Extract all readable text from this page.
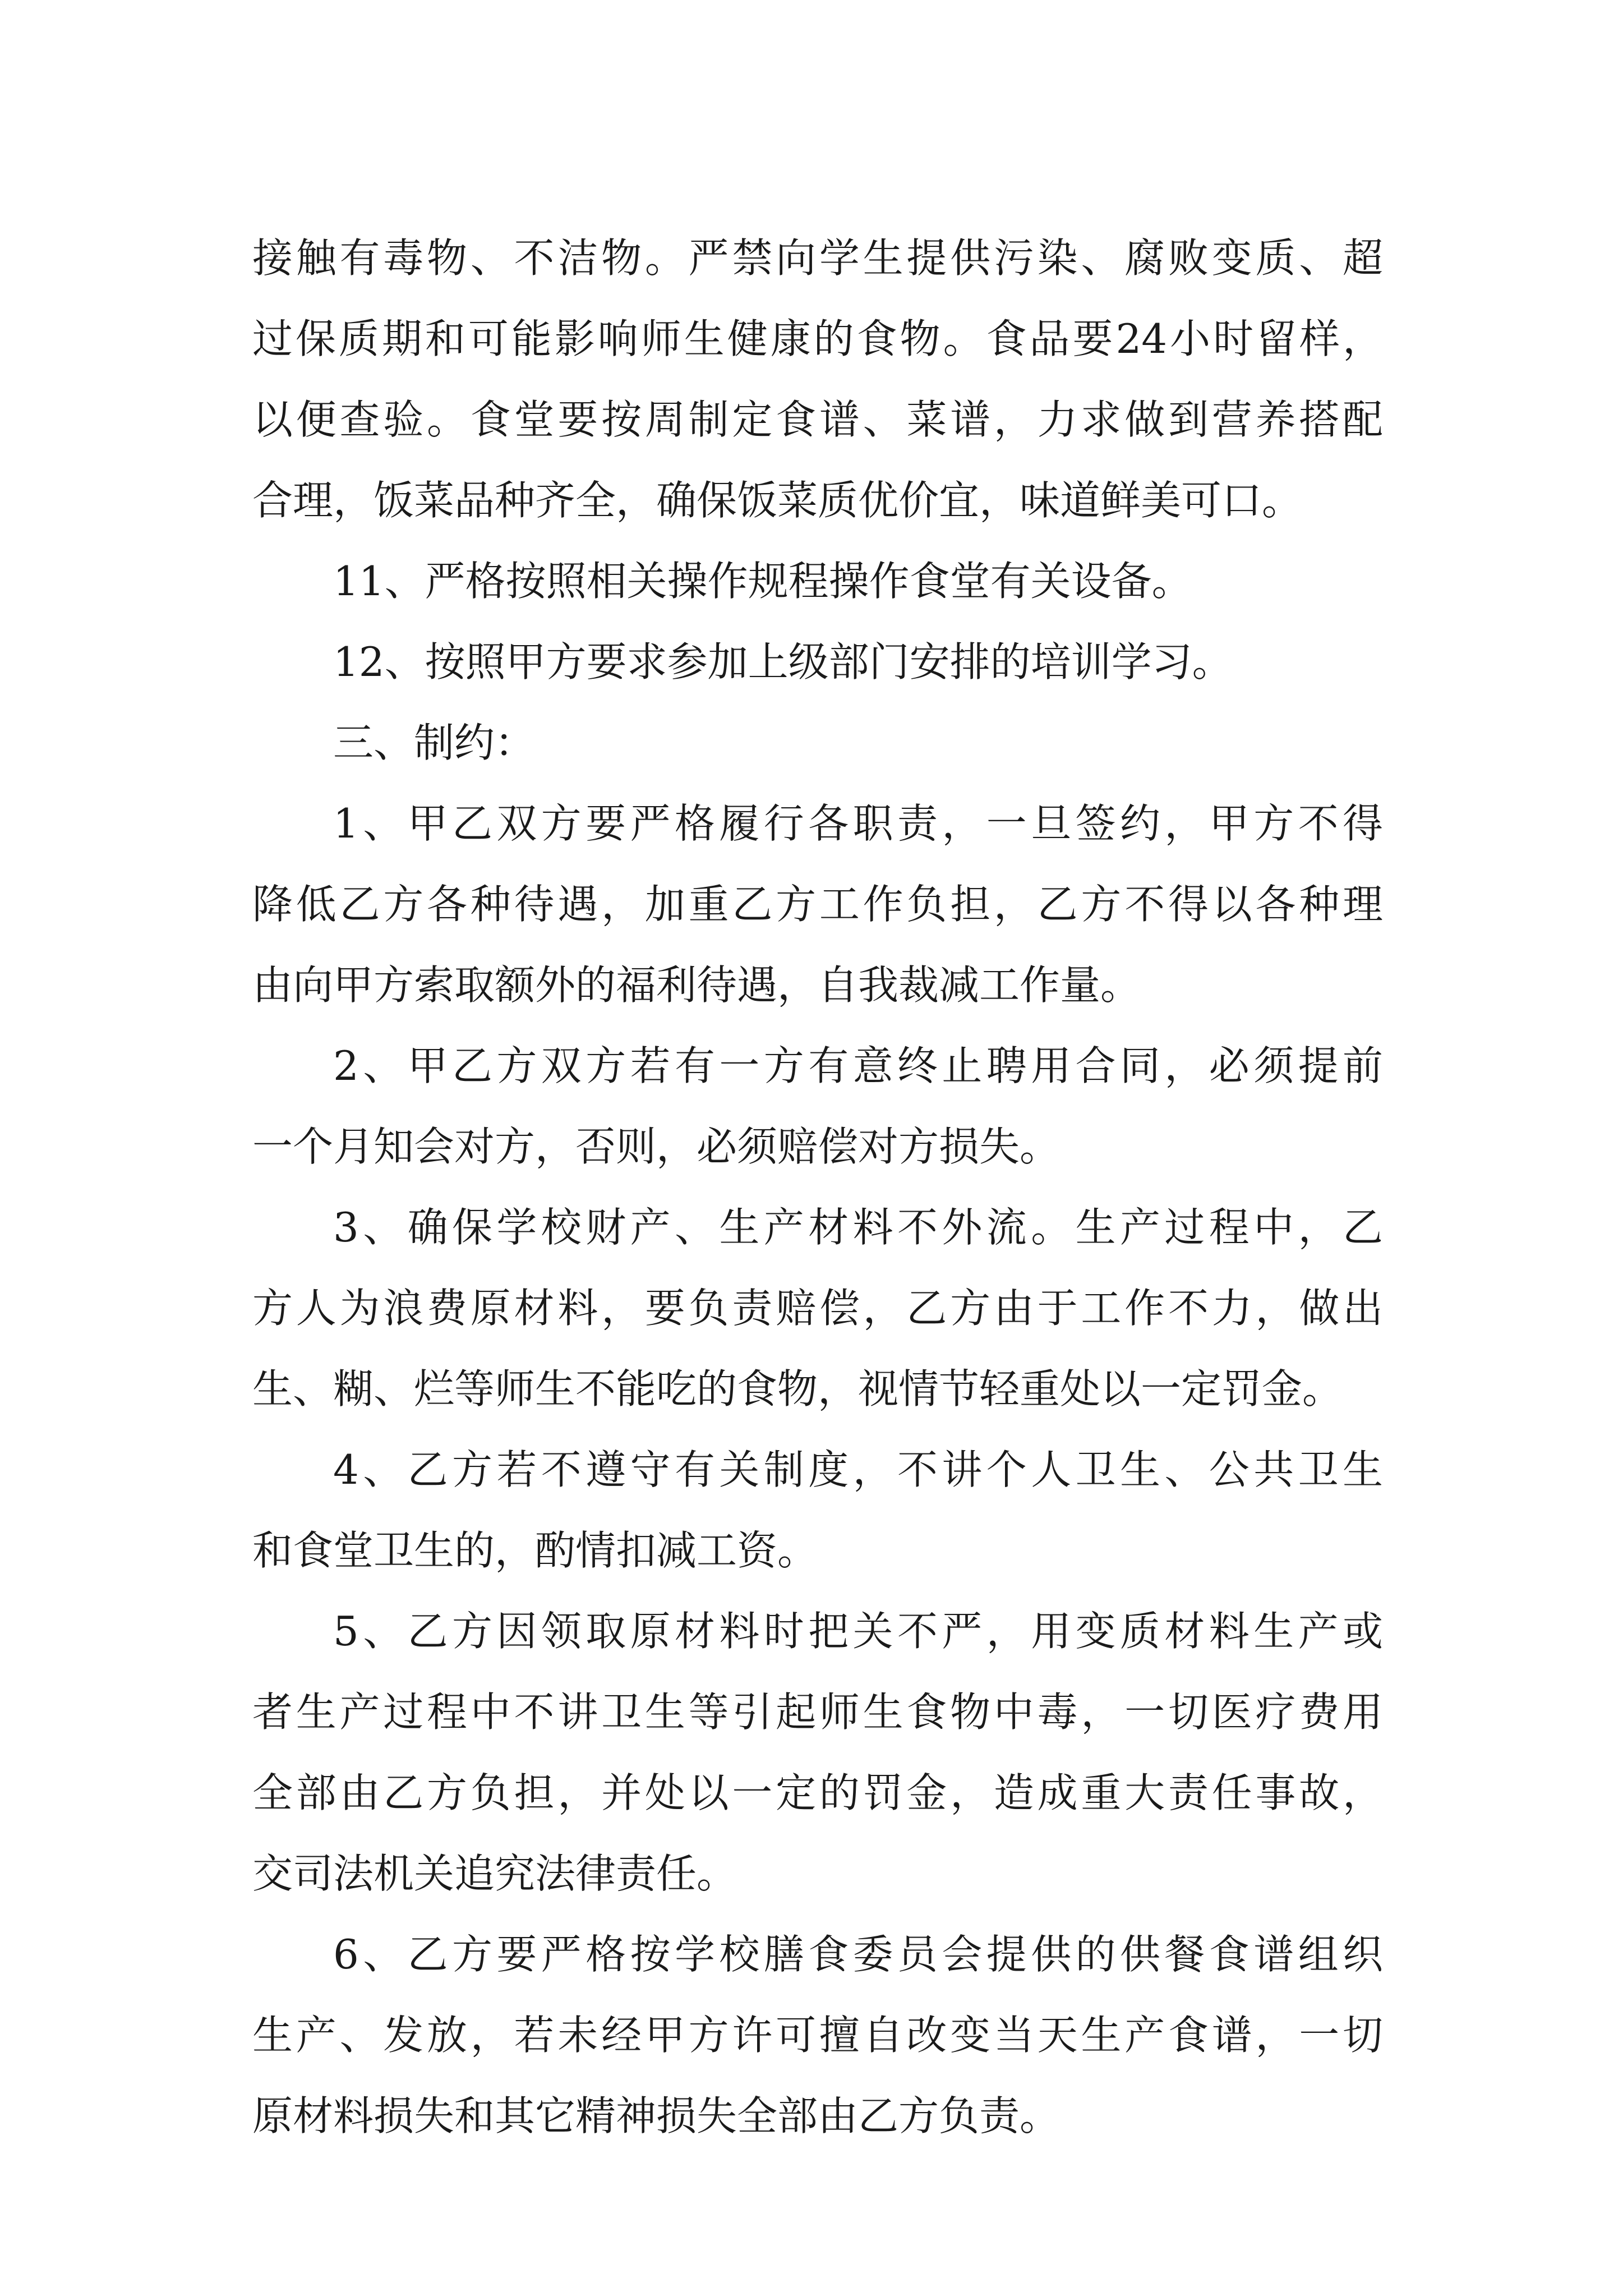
接触有毒物、不洁物。严禁向学生提供污染、腐败变质、超
过保质期和可能影响师生健康的食物。食品要24小时留样，
以便查验。食堂要按周制定食谱、菜谱，力求做到营养搭配
合理，饭菜品种齐全，确保饭菜质优价宜，味道鲜美可口。
11、严格按照相关操作规程操作食堂有关设备。
12、按照甲方要求参加上级部门安排的培训学习。
三、制约：
1、甲乙双方要严格履行各职责，一旦签约，甲方不得
降低乙方各种待遇，加重乙方工作负担，乙方不得以各种理
由向甲方索取额外的福利待遇，自我裁减工作量。
2、甲乙方双方若有一方有意终止聘用合同，必须提前
一个月知会对方，否则，必须赔偿对方损失。
3、确保学校财产、生产材料不外流。生产过程中，乙
方人为浪费原材料，要负责赔偿，乙方由于工作不力，做出
生、糊、烂等师生不能吃的食物，视情节轻重处以一定罚金。
4、乙方若不遵守有关制度，不讲个人卫生、公共卫生
和食堂卫生的，酌情扣减工资。
5、乙方因领取原材料时把关不严，用变质材料生产或
者生产过程中不讲卫生等引起师生食物中毒，一切医疗费用
全部由乙方负担，并处以一定的罚金，造成重大责任事故，
交司法机关追究法律责任。
6、乙方要严格按学校膳食委员会提供的供餐食谱组织
生产、发放，若未经甲方许可擅自改变当天生产食谱，一切
原材料损失和其它精神损失全部由乙方负责。
